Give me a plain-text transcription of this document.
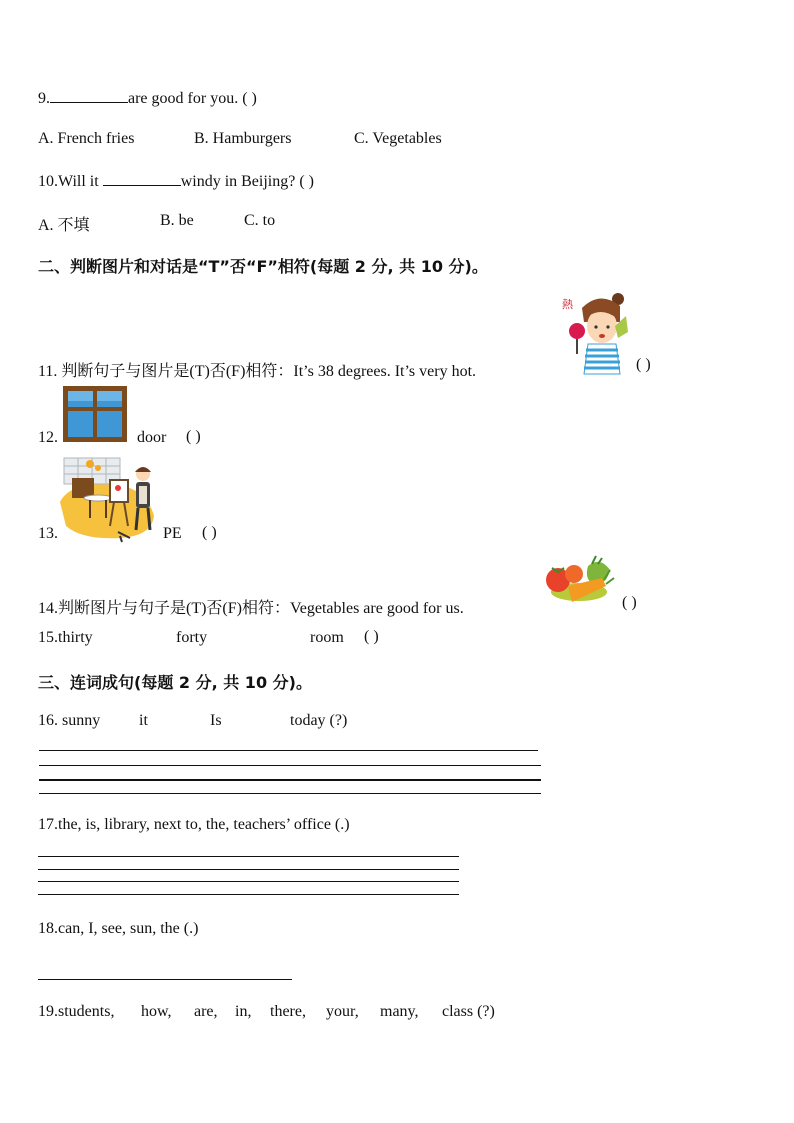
9.	are good for you. ( )
A. French fries	B. Hamburgers	C. Vegetables
10.Will it	windy in Beijing? ( )
A. 不填	B. be	C. to
二、判断图片和对话是“T”否“F”相符(每题 2 分, 共 10 分)。
熱
11. 判断句子与图片是(T)否(F)相符：It’s 38 degrees. It’s very hot.	( )
12.	door ( )
13.	PE ( )
14.判断图片与句子是(T)否(F)相符：Vegetables are good for us.	( )
15.thirty	forty	room ( )
三、连词成句(每题 2 分, 共 10 分)。
16. sunny it	Is	today (?)
17.the, is, library, next to, the, teachers’ office (.)
18.can, I, see, sun, the (.)
19.students, how, are, in, there, your, many, class (?)
